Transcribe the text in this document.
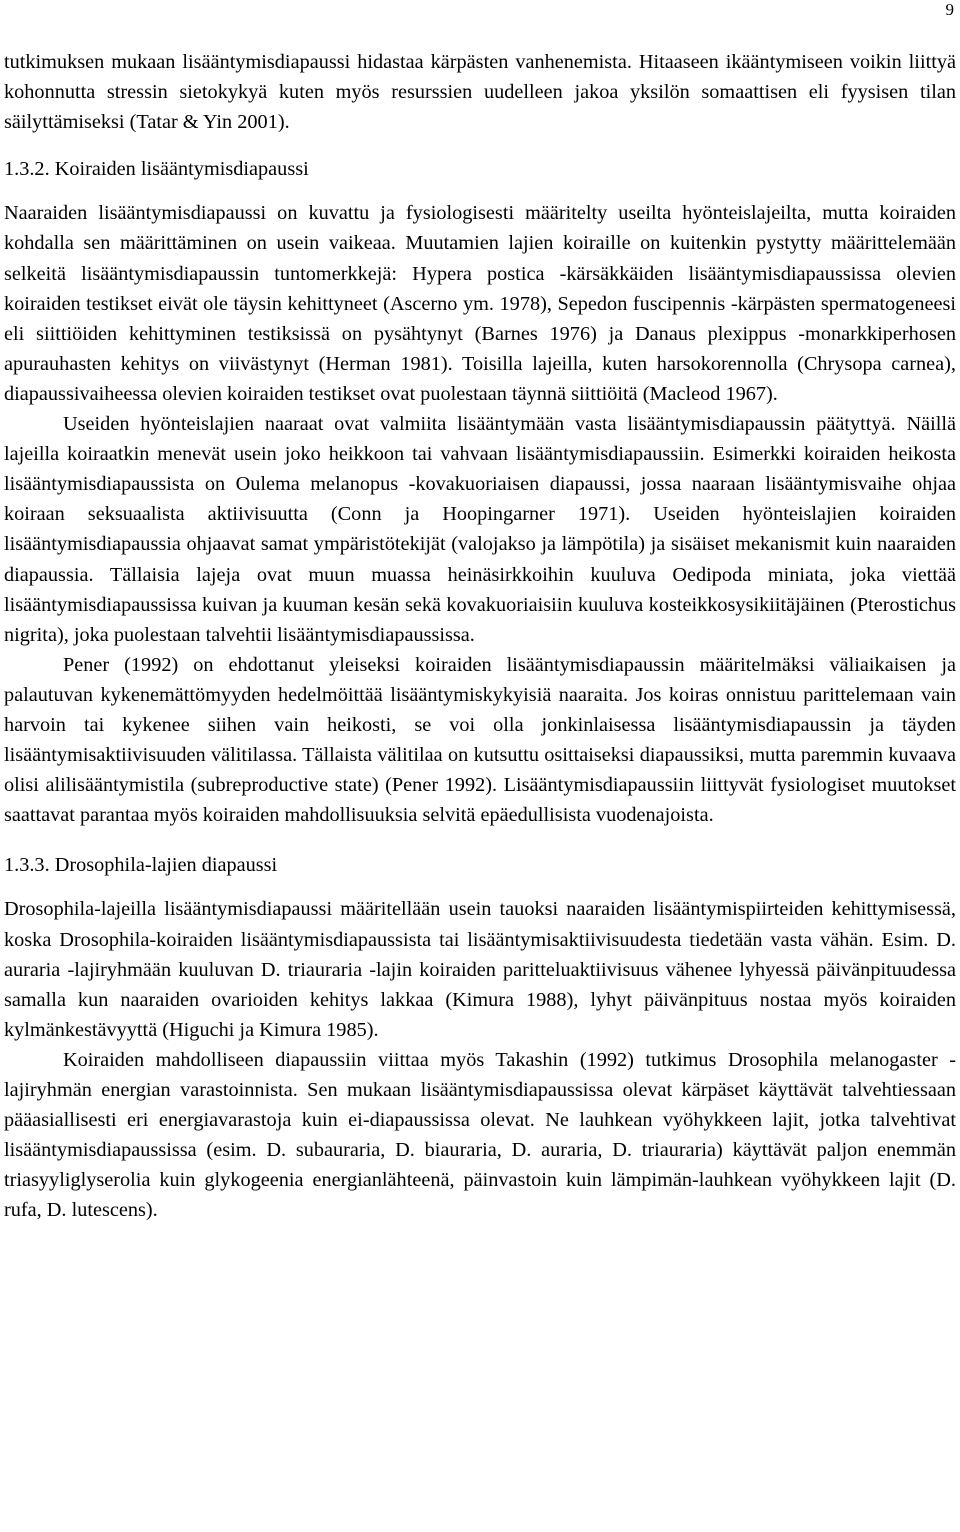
9

tutkimuksen mukaan lisääntymisdiapaussi hidastaa kärpästen vanhenemista. Hitaaseen ikääntymiseen voikin liittyä kohonnutta stressin sietokykyä kuten myös resurssien uudelleen jakoa yksilön somaattisen eli fyysisen tilan säilyttämiseksi (Tatar & Yin 2001).

1.3.2. Koiraiden lisääntymisdiapaussi

Naaraiden lisääntymisdiapaussi on kuvattu ja fysiologisesti määritelty useilta hyönteislajeilta, mutta koiraiden kohdalla sen määrittäminen on usein vaikeaa. Muutamien lajien koiraille on kuitenkin pystytty määrittelemään selkeitä lisääntymisdiapaussin tuntomerkkejä: Hypera postica -kärsäkkäiden lisääntymisdiapaussissa olevien koiraiden testikset eivät ole täysin kehittyneet (Ascerno ym. 1978), Sepedon fuscipennis -kärpästen spermatogeneesi eli siittiöiden kehittyminen testiksissä on pysähtynyt (Barnes 1976) ja Danaus plexippus -monarkkiperhosen apurauhasten kehitys on viivästynyt (Herman 1981). Toisilla lajeilla, kuten harsokorennolla (Chrysopa carnea), diapaussivaiheessa olevien koiraiden testikset ovat puolestaan täynnä siittiöitä (Macleod 1967).

Useiden hyönteislajien naaraat ovat valmiita lisääntymään vasta lisääntymisdiapaussin päätyttyä. Näillä lajeilla koiraatkin menevät usein joko heikkoon tai vahvaan lisääntymisdiapaussiin. Esimerkki koiraiden heikosta lisääntymisdiapaussista on Oulema melanopus -kovakuoriaisen diapaussi, jossa naaraan lisääntymisvaihe ohjaa koiraan seksuaalista aktiivisuutta (Conn ja Hoopingarner 1971). Useiden hyönteislajien koiraiden lisääntymisdiapaussia ohjaavat samat ympäristötekijät (valojakso ja lämpötila) ja sisäiset mekanismit kuin naaraiden diapaussia. Tällaisia lajeja ovat muun muassa heinäsirkkoihin kuuluva Oedipoda miniata, joka viettää lisääntymisdiapaussissa kuivan ja kuuman kesän sekä kovakuoriaisiin kuuluva kosteikkosysikiitäjäinen (Pterostichus nigrita), joka puolestaan talvehtii lisääntymisdiapaussissa.

Pener (1992) on ehdottanut yleiseksi koiraiden lisääntymisdiapaussin määritelmäksi väliaikaisen ja palautuvan kykenemättömyyden hedelmöittää lisääntymiskykyisiä naaraita. Jos koiras onnistuu parittelemaan vain harvoin tai kykenee siihen vain heikosti, se voi olla jonkinlaisessa lisääntymisdiapaussin ja täyden lisääntymisaktiivisuuden välitilassa. Tällaista välitilaa on kutsuttu osittaiseksi diapaussiksi, mutta paremmin kuvaava olisi alilisääntymistila (subreproductive state) (Pener 1992). Lisääntymisdiapaussiin liittyvät fysiologiset muutokset saattavat parantaa myös koiraiden mahdollisuuksia selvitä epäedullisista vuodenajoista.

1.3.3. Drosophila-lajien diapaussi

Drosophila-lajeilla lisääntymisdiapaussi määritellään usein tauoksi naaraiden lisääntymispiirteiden kehittymisessä, koska Drosophila-koiraiden lisääntymisdiapaussista tai lisääntymisaktiivisuudesta tiedetään vasta vähän. Esim. D. auraria -lajiryhmään kuuluvan D. triauraria -lajin koiraiden paritteluaktiivisuus vähenee lyhyessä päivänpituudessa samalla kun naaraiden ovarioiden kehitys lakkaa (Kimura 1988), lyhyt päivänpituus nostaa myös koiraiden kylmänkestävyyttä (Higuchi ja Kimura 1985).

Koiraiden mahdolliseen diapaussiin viittaa myös Takashin (1992) tutkimus Drosophila melanogaster -lajiryhmän energian varastoinnista. Sen mukaan lisääntymisdiapaussissa olevat kärpäset käyttävät talvehtiessaan pääasiallisesti eri energiavarastoja kuin ei-diapaussissa olevat. Ne lauhkean vyöhykkeen lajit, jotka talvehtivat lisääntymisdiapaussissa (esim. D. subauraria, D. biauraria, D. auraria, D. triauraria) käyttävät paljon enemmän triasyyliglyserolia kuin glykogeenia energianlähteenä, päinvastoin kuin lämpimän-lauhkean vyöhykkeen lajit (D. rufa, D. lutescens).
